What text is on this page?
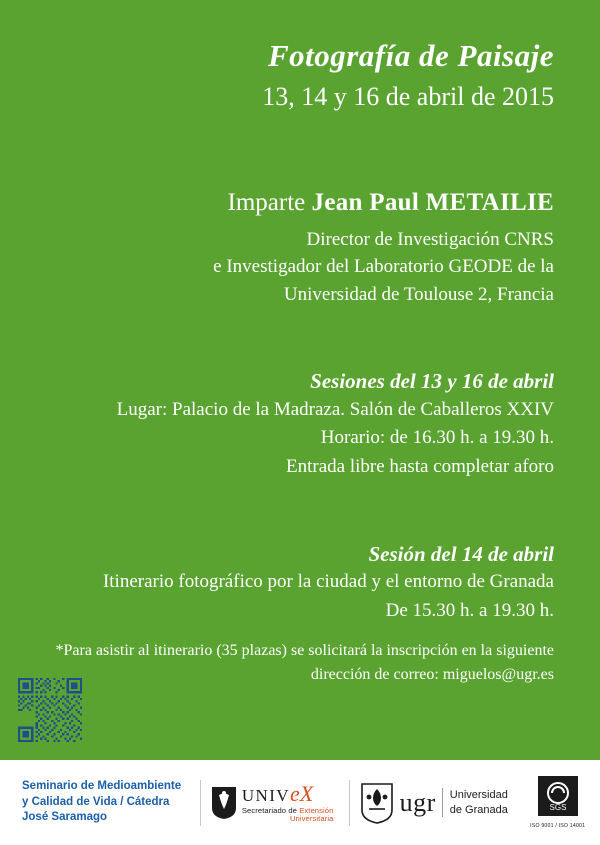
Fotografía de Paisaje
13, 14 y 16 de abril de 2015
Imparte Jean Paul METAILIE
Director de Investigación CNRS
e Investigador del Laboratorio GEODE de la
Universidad de Toulouse 2, Francia
Sesiones del 13 y 16 de abril
Lugar: Palacio de la Madraza. Salón de Caballeros XXIV
Horario: de 16.30 h. a 19.30 h.
Entrada libre hasta completar aforo
Sesión del 14 de abril
Itinerario fotográfico por la ciudad y el entorno de Granada
De 15.30 h. a 19.30 h.
*Para asistir al itinerario (35 plazas) se solicitará la inscripción en la siguiente dirección de correo: miguelos@ugr.es
Seminario de Medioambiente y Calidad de Vida / Cátedra José Saramago
UNIVeX
Secretariado de Extensión
Universitaria
ugr Universidad
de Granada	SGS
ISO 9001 / ISO 14001
